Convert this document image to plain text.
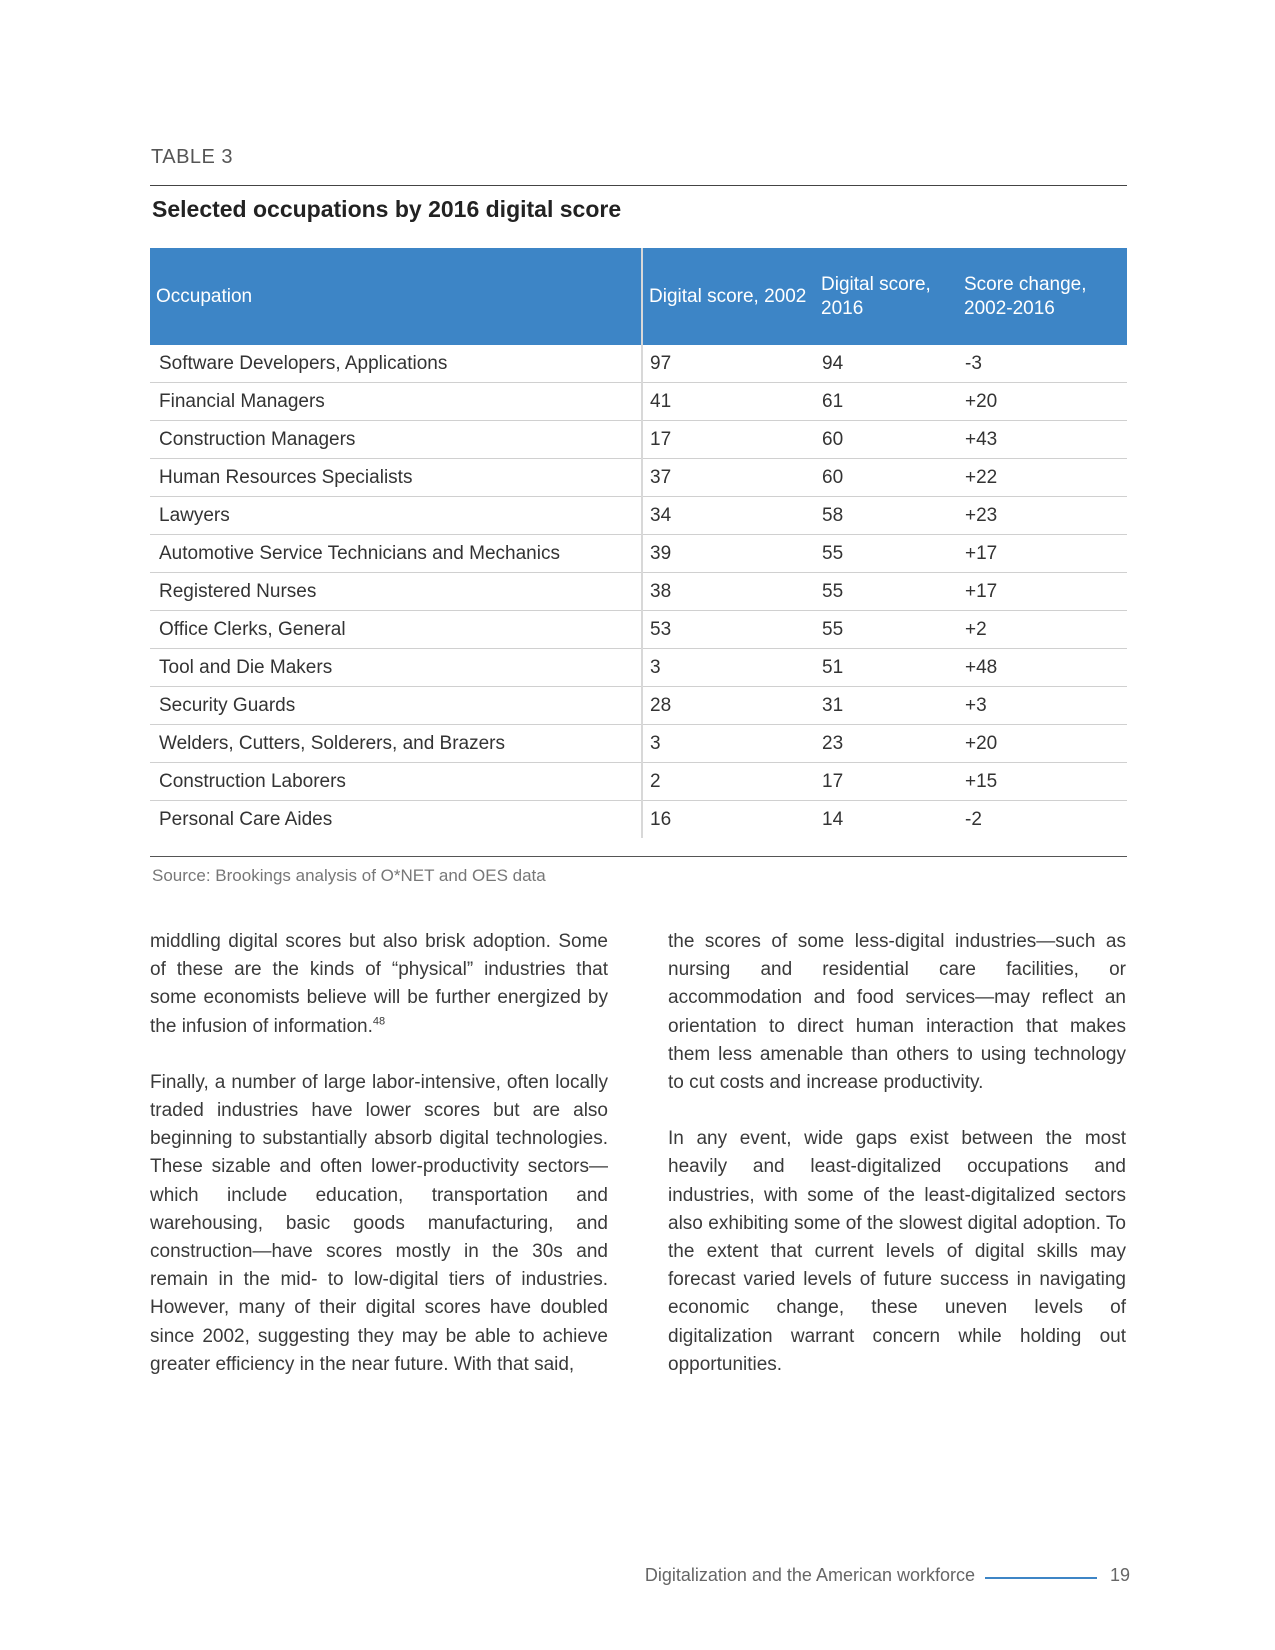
TABLE 3
Selected occupations by 2016 digital score
Occupation	Digital score, 2002	Digital score, 2016	Score change, 2002-2016
Software Developers, Applications	97	94	-3
Financial Managers	41	61	+20
Construction Managers	17	60	+43
Human Resources Specialists	37	60	+22
Lawyers	34	58	+23
Automotive Service Technicians and Mechanics	39	55	+17
Registered Nurses	38	55	+17
Office Clerks, General	53	55	+2
Tool and Die Makers	3	51	+48
Security Guards	28	31	+3
Welders, Cutters, Solderers, and Brazers	3	23	+20
Construction Laborers	2	17	+15
Personal Care Aides	16	14	-2
Source: Brookings analysis of O*NET and OES data

middling digital scores but also brisk adoption. Some of these are the kinds of “physical” industries that some economists believe will be further energized by the infusion of information.$^{48}$

Finally, a number of large labor-intensive, often locally traded industries have lower scores but are also beginning to substantially absorb digital technologies. These sizable and often lower-productivity sectors—which include education, transportation and warehousing, basic goods manufacturing, and construction—have scores mostly in the 30s and remain in the mid- to low-digital tiers of industries. However, many of their digital scores have doubled since 2002, suggesting they may be able to achieve greater efficiency in the near future. With that said,

the scores of some less-digital industries—such as nursing and residential care facilities, or accommodation and food services—may reflect an orientation to direct human interaction that makes them less amenable than others to using technology to cut costs and increase productivity.

In any event, wide gaps exist between the most heavily and least-digitalized occupations and industries, with some of the least-digitalized sectors also exhibiting some of the slowest digital adoption. To the extent that current levels of digital skills may forecast varied levels of future success in navigating economic change, these uneven levels of digitalization warrant concern while holding out opportunities.

Digitalization and the American workforce	19
